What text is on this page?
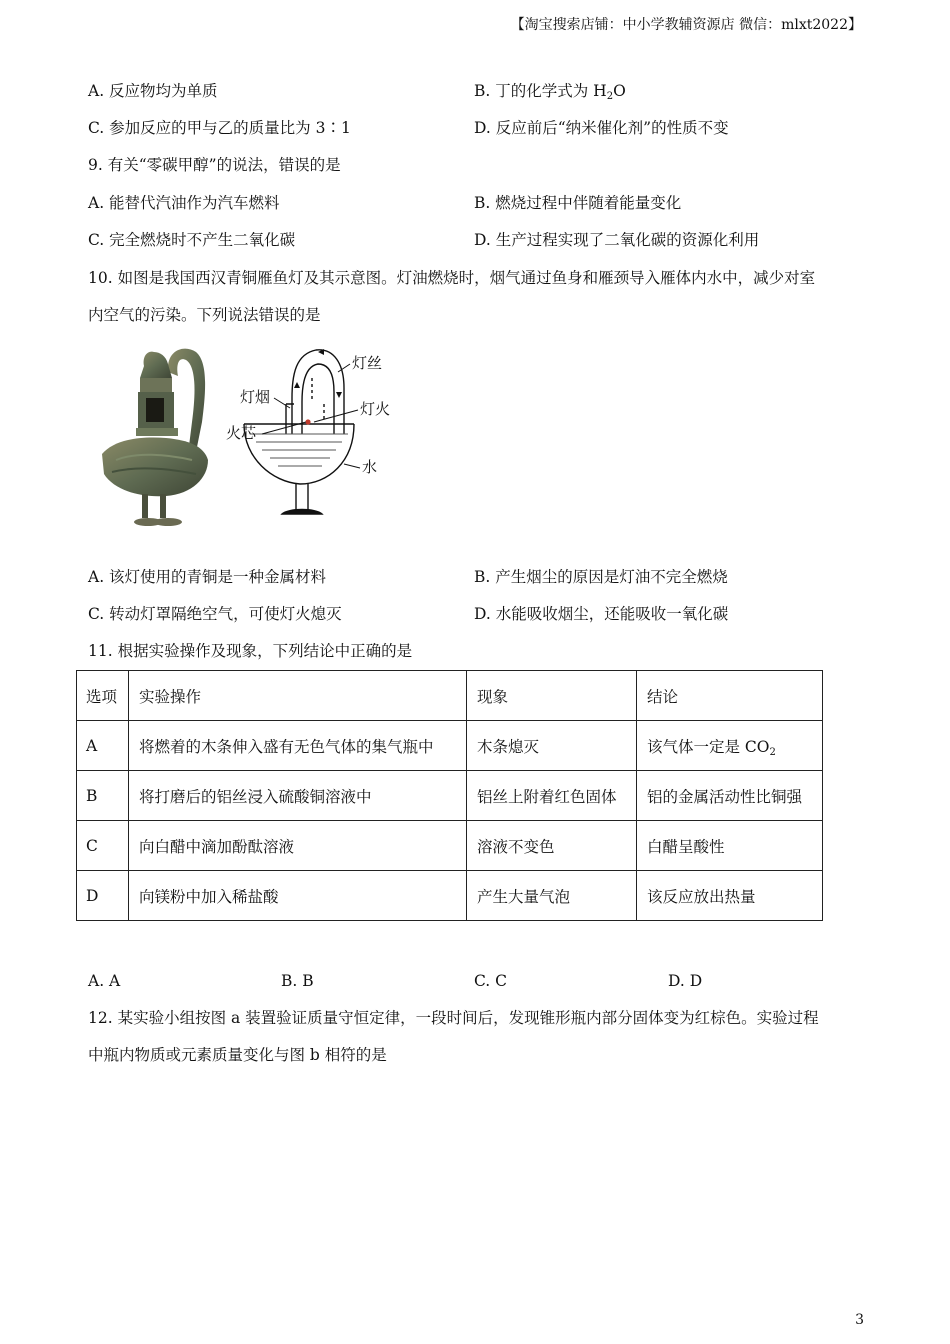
【淘宝搜索店铺：中小学教辅资源店 微信：mlxt2022】
A. 反应物均为单质	B. 丁的化学式为 $H_2O$
C. 参加反应的甲与乙的质量比为 3∶1	D. 反应前后“纳米催化剂”的性质不变
9. 有关“零碳甲醇”的说法，错误的是
A. 能替代汽油作为汽车燃料	B. 燃烧过程中伴随着能量变化
C. 完全燃烧时不产生二氧化碳	D. 生产过程实现了二氧化碳的资源化利用
10. 如图是我国西汉青铜雁鱼灯及其示意图。灯油燃烧时，烟气通过鱼身和雁颈导入雁体内水中，减少对室
内空气的污染。下列说法错误的是
灯丝
灯烟
灯火
火芯
水
A. 该灯使用的青铜是一种金属材料	B. 产生烟尘的原因是灯油不完全燃烧
C. 转动灯罩隔绝空气，可使灯火熄灭	D. 水能吸收烟尘，还能吸收一氧化碳
11. 根据实验操作及现象，下列结论中正确的是
选项	实验操作	现象	结论
A	将燃着的木条伸入盛有无色气体的集气瓶中	木条熄灭	该气体一定是 $CO_2$
B	将打磨后的铝丝浸入硫酸铜溶液中	铝丝上附着红色固体	铝的金属活动性比铜强
C	向白醋中滴加酚酞溶液	溶液不变色	白醋呈酸性
D	向镁粉中加入稀盐酸	产生大量气泡	该反应放出热量
A. A	B. B	C. C	D. D
12. 某实验小组按图 a 装置验证质量守恒定律，一段时间后，发现锥形瓶内部分固体变为红棕色。实验过程
中瓶内物质或元素质量变化与图 b 相符的是
3
